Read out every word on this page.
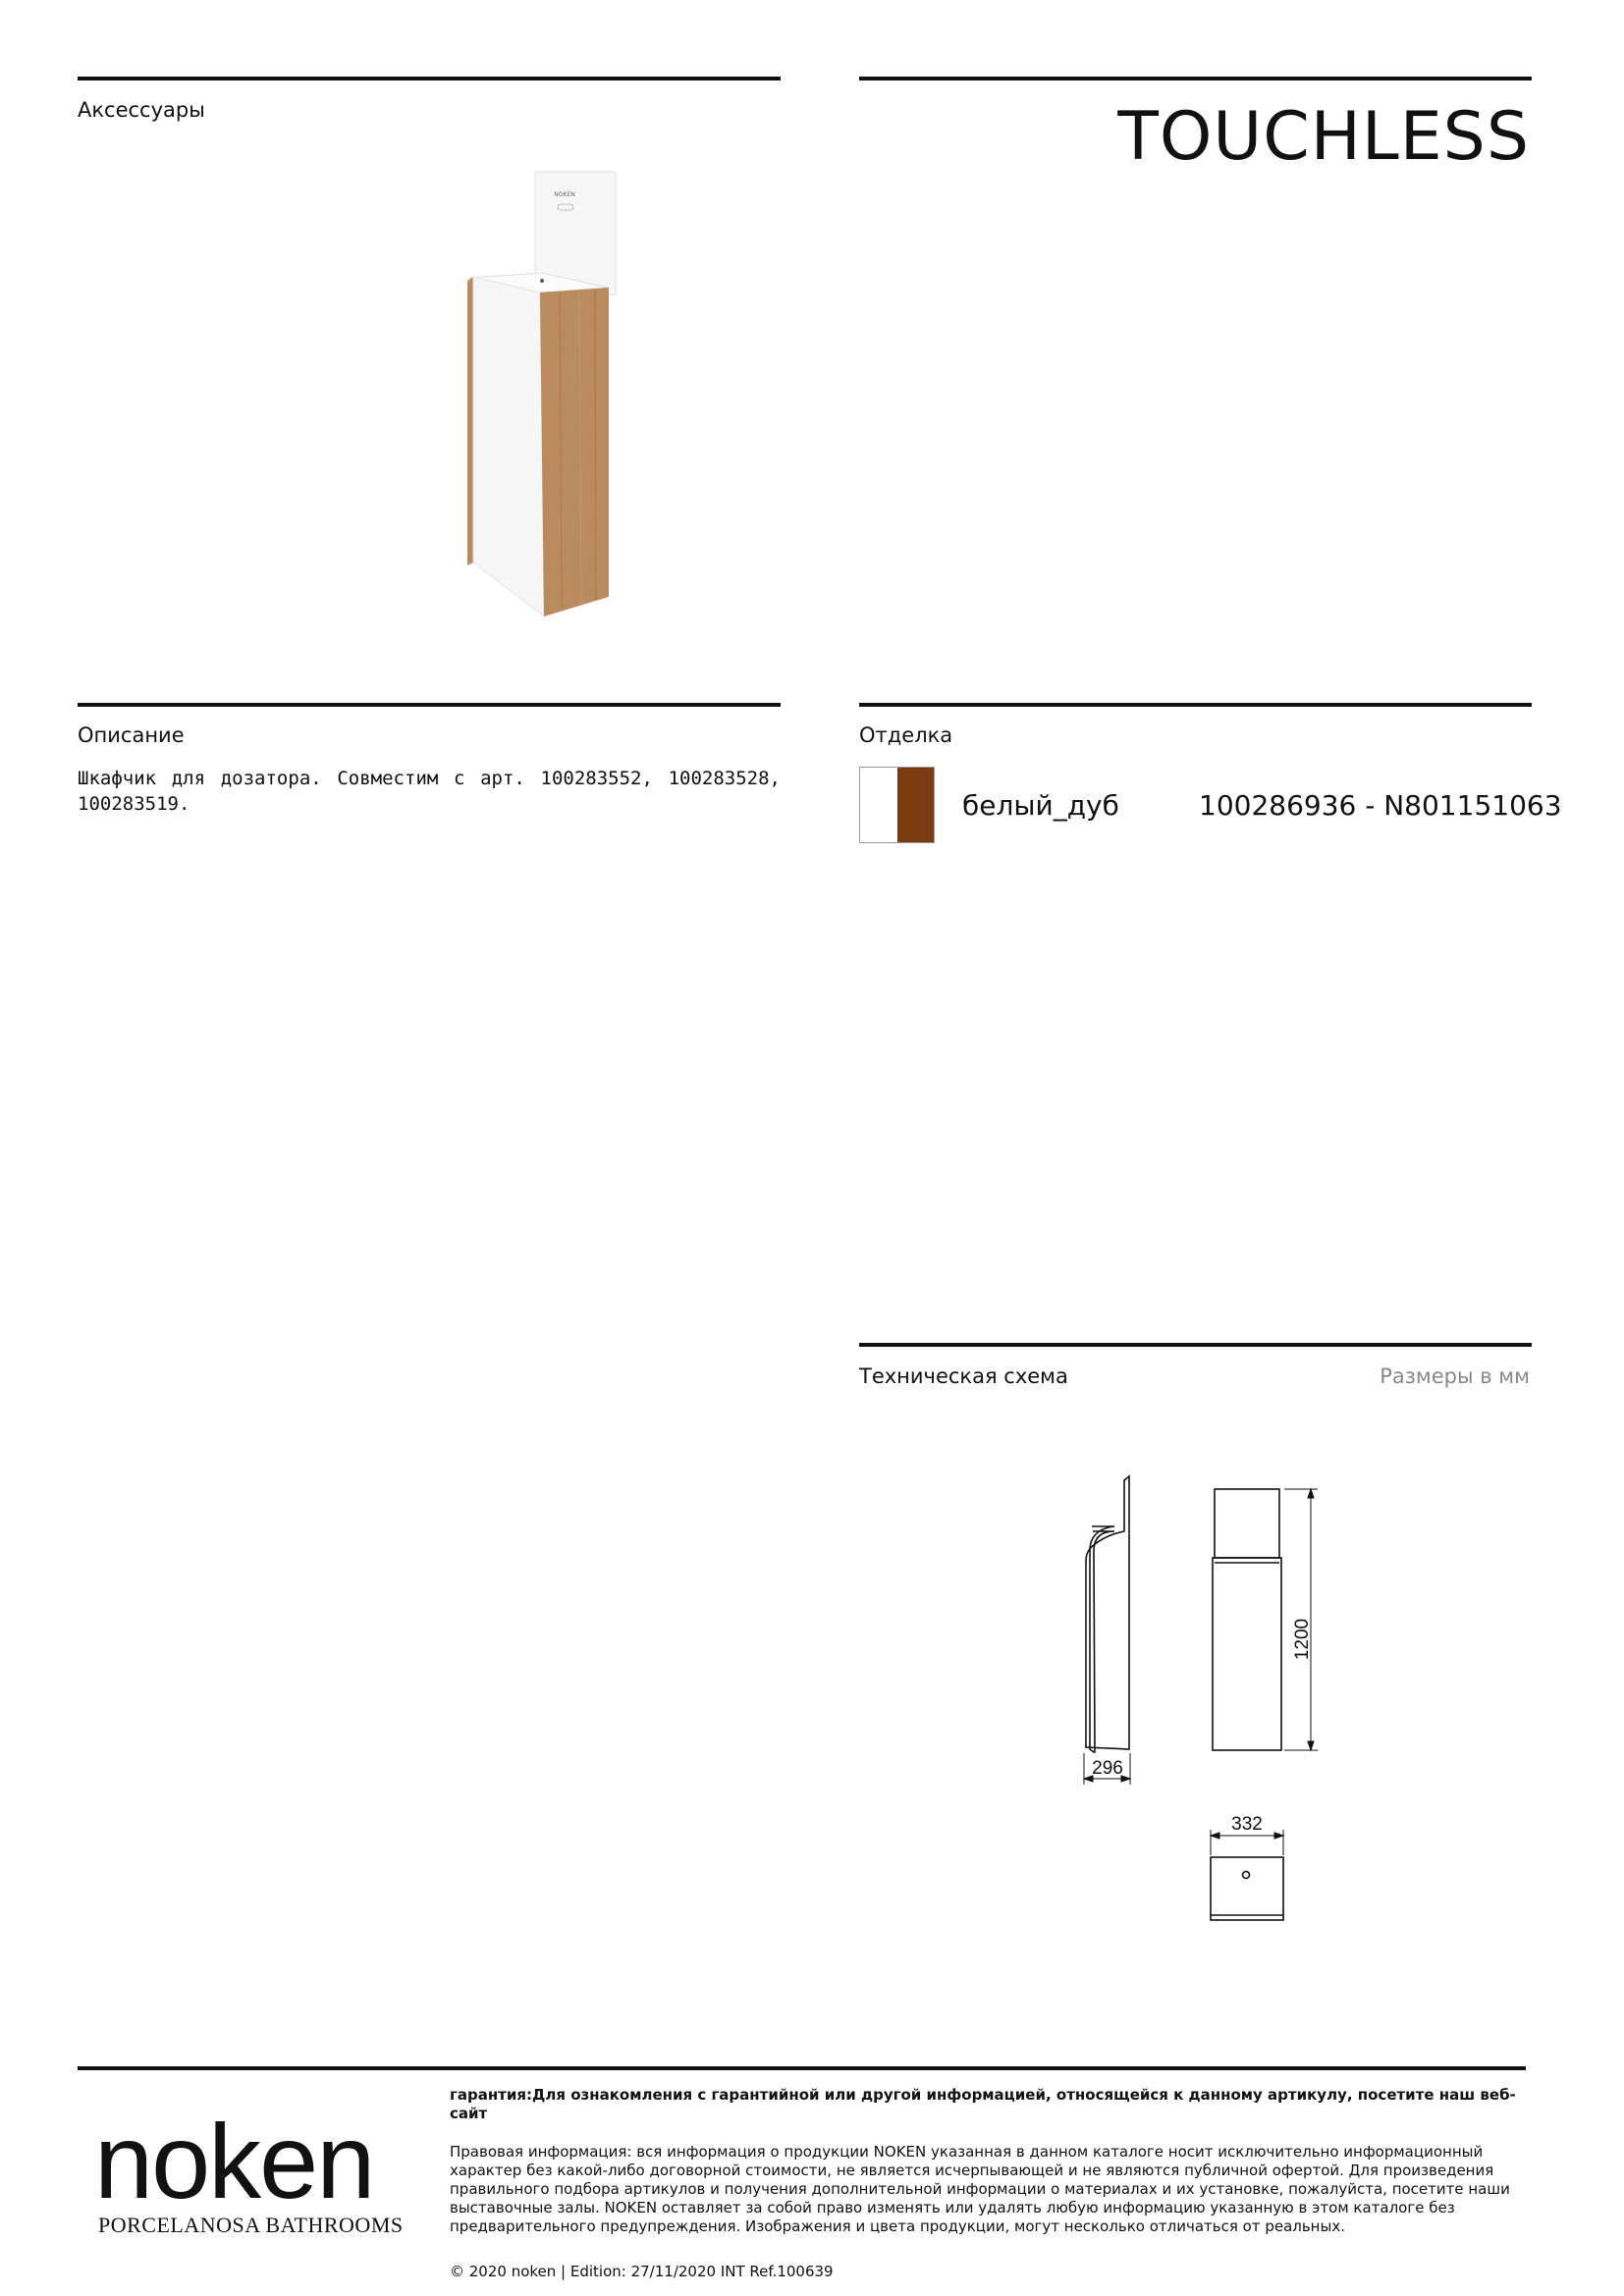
Аксессуары	TOUCHLESS
NOKEN
Описание
Шкафчик для дозатора. Совместим с арт. 100283552, 100283528, 100283519.
Отделка
белый_дуб	100286936 - N801151063
Техническая схема	Размеры в мм
1200
296
332
noken
PORCELANOSA BATHROOMS
гарантия:Для ознакомления с гарантийной или другой информацией, относящейся к данному артикулу, посетите наш веб-сайт
Правовая информация: вся информация о продукции NOKEN указанная в данном каталоге носит исключительно информационный характер без какой-либо договорной стоимости, не является исчерпывающей и не являются публичной офертой. Для произведения правильного подбора артикулов и получения дополнительной информации о материалах и их установке, пожалуйста, посетите наши выставочные залы. NOKEN оставляет за собой право изменять или удалять любую информацию указанную в этом каталоге без предварительного предупреждения. Изображения и цвета продукции, могут несколько отличаться от реальных.
© 2020 noken | Edition: 27/11/2020 INT Ref.100639
